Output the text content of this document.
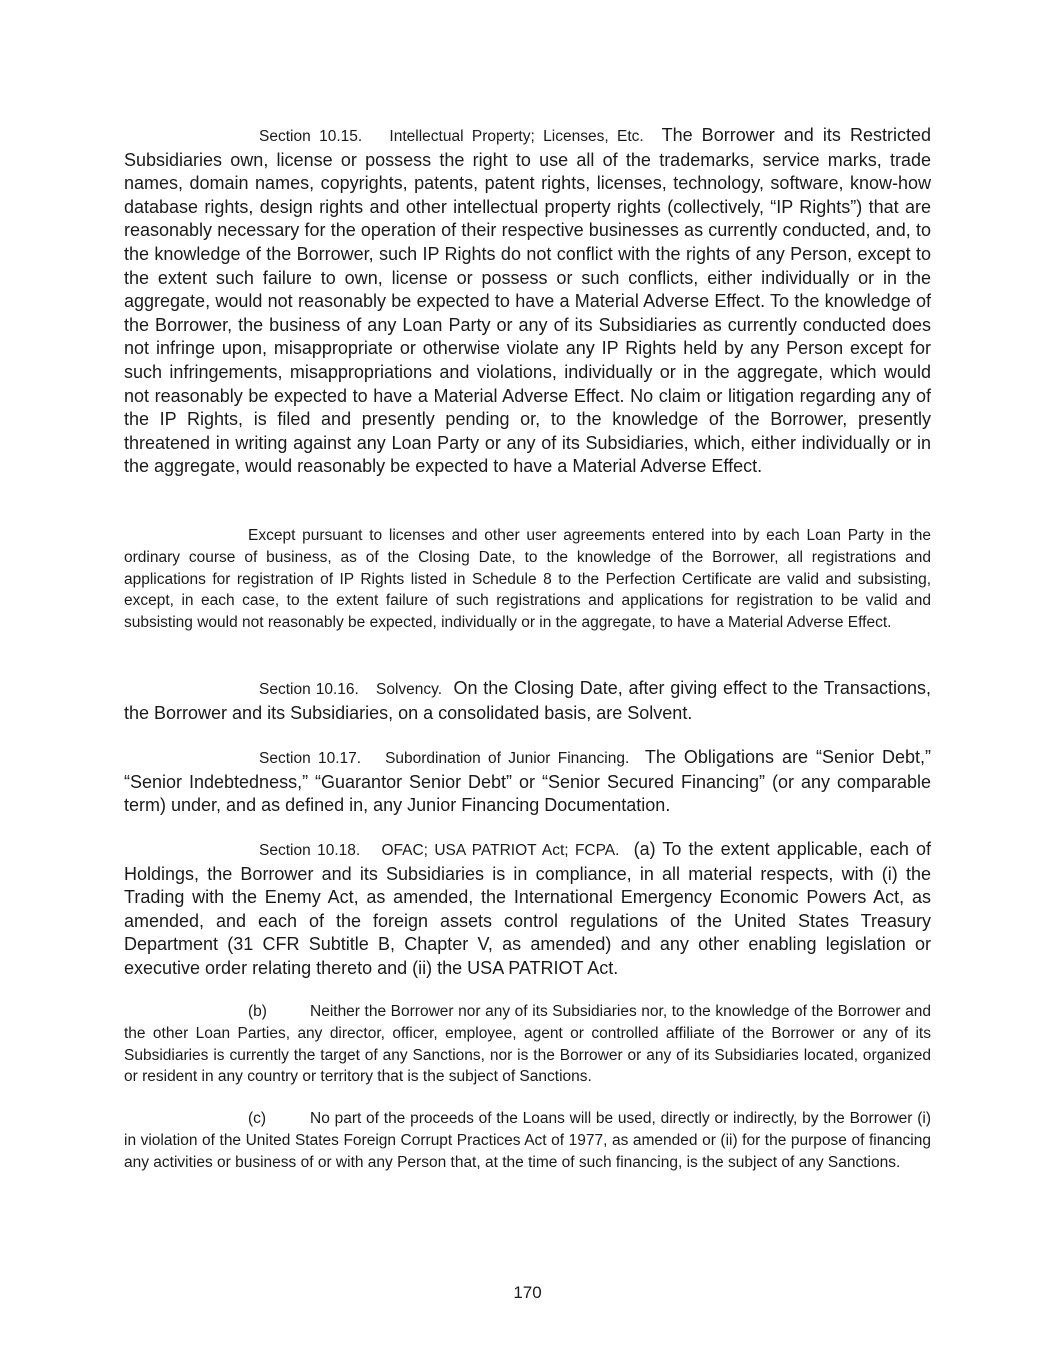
Section 10.15. Intellectual Property; Licenses, Etc. The Borrower and its Restricted Subsidiaries own, license or possess the right to use all of the trademarks, service marks, trade names, domain names, copyrights, patents, patent rights, licenses, technology, software, know-how database rights, design rights and other intellectual property rights (collectively, “IP Rights”) that are reasonably necessary for the operation of their respective businesses as currently conducted, and, to the knowledge of the Borrower, such IP Rights do not conflict with the rights of any Person, except to the extent such failure to own, license or possess or such conflicts, either individually or in the aggregate, would not reasonably be expected to have a Material Adverse Effect. To the knowledge of the Borrower, the business of any Loan Party or any of its Subsidiaries as currently conducted does not infringe upon, misappropriate or otherwise violate any IP Rights held by any Person except for such infringements, misappropriations and violations, individually or in the aggregate, which would not reasonably be expected to have a Material Adverse Effect. No claim or litigation regarding any of the IP Rights, is filed and presently pending or, to the knowledge of the Borrower, presently threatened in writing against any Loan Party or any of its Subsidiaries, which, either individually or in the aggregate, would reasonably be expected to have a Material Adverse Effect.

Except pursuant to licenses and other user agreements entered into by each Loan Party in the ordinary course of business, as of the Closing Date, to the knowledge of the Borrower, all registrations and applications for registration of IP Rights listed in Schedule 8 to the Perfection Certificate are valid and subsisting, except, in each case, to the extent failure of such registrations and applications for registration to be valid and subsisting would not reasonably be expected, individually or in the aggregate, to have a Material Adverse Effect.

Section 10.16. Solvency. On the Closing Date, after giving effect to the Transactions, the Borrower and its Subsidiaries, on a consolidated basis, are Solvent.

Section 10.17. Subordination of Junior Financing. The Obligations are “Senior Debt,” “Senior Indebtedness,” “Guarantor Senior Debt” or “Senior Secured Financing” (or any comparable term) under, and as defined in, any Junior Financing Documentation.

Section 10.18. OFAC; USA PATRIOT Act; FCPA. (a) To the extent applicable, each of Holdings, the Borrower and its Subsidiaries is in compliance, in all material respects, with (i) the Trading with the Enemy Act, as amended, the International Emergency Economic Powers Act, as amended, and each of the foreign assets control regulations of the United States Treasury Department (31 CFR Subtitle B, Chapter V, as amended) and any other enabling legislation or executive order relating thereto and (ii) the USA PATRIOT Act.

(b)	Neither the Borrower nor any of its Subsidiaries nor, to the knowledge of the Borrower and the other Loan Parties, any director, officer, employee, agent or controlled affiliate of the Borrower or any of its Subsidiaries is currently the target of any Sanctions, nor is the Borrower or any of its Subsidiaries located, organized or resident in any country or territory that is the subject of Sanctions.

(c)	No part of the proceeds of the Loans will be used, directly or indirectly, by the Borrower (i) in violation of the United States Foreign Corrupt Practices Act of 1977, as amended or (ii) for the purpose of financing any activities or business of or with any Person that, at the time of such financing, is the subject of any Sanctions.

170
